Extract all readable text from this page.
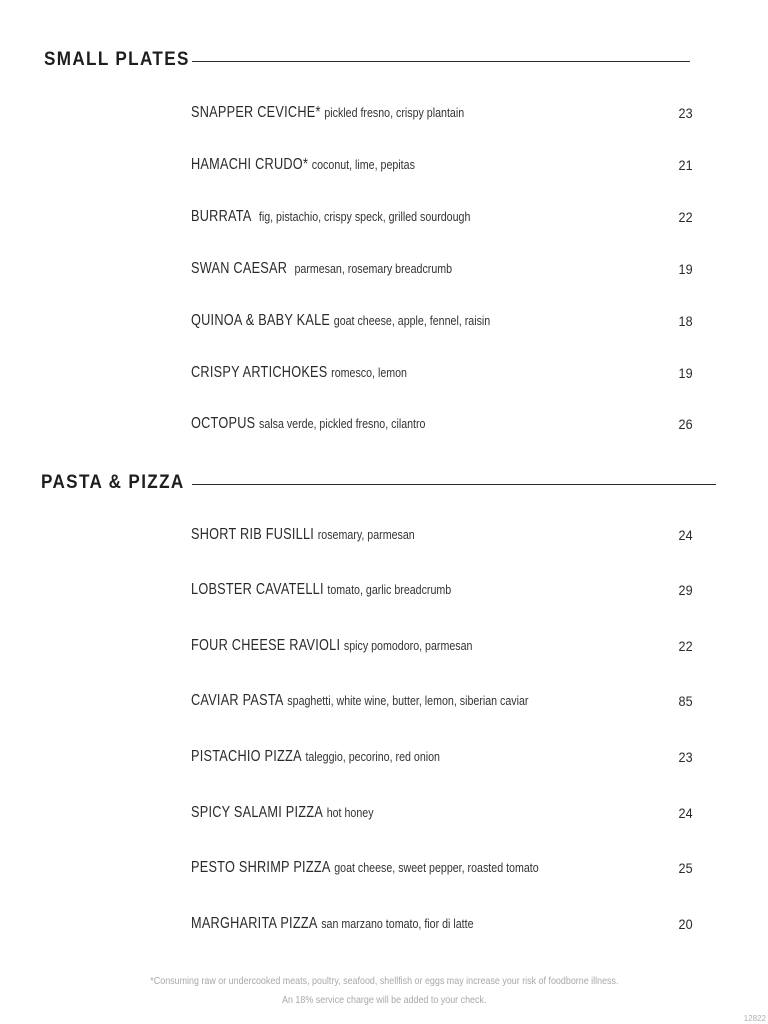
SMALL PLATES
SNAPPER CEVICHE* pickled fresno, crispy plantain	23
HAMACHI CRUDO* coconut, lime, pepitas	21
BURRATA fig, pistachio, crispy speck, grilled sourdough	22
SWAN CAESAR parmesan, rosemary breadcrumb	19
QUINOA & BABY KALE goat cheese, apple, fennel, raisin	18
CRISPY ARTICHOKES romesco, lemon	19
OCTOPUS salsa verde, pickled fresno, cilantro	26
PASTA & PIZZA
SHORT RIB FUSILLI rosemary, parmesan	24
LOBSTER CAVATELLI tomato, garlic breadcrumb	29
FOUR CHEESE RAVIOLI spicy pomodoro, parmesan	22
CAVIAR PASTA spaghetti, white wine, butter, lemon, siberian caviar	85
PISTACHIO PIZZA taleggio, pecorino, red onion	23
SPICY SALAMI PIZZA hot honey	24
PESTO SHRIMP PIZZA goat cheese, sweet pepper, roasted tomato	25
MARGHARITA PIZZA san marzano tomato, fior di latte	20
*Consuming raw or undercooked meats, poultry, seafood, shellfish or eggs may increase your risk of foodborne illness.
An 18% service charge will be added to your check.
12822
